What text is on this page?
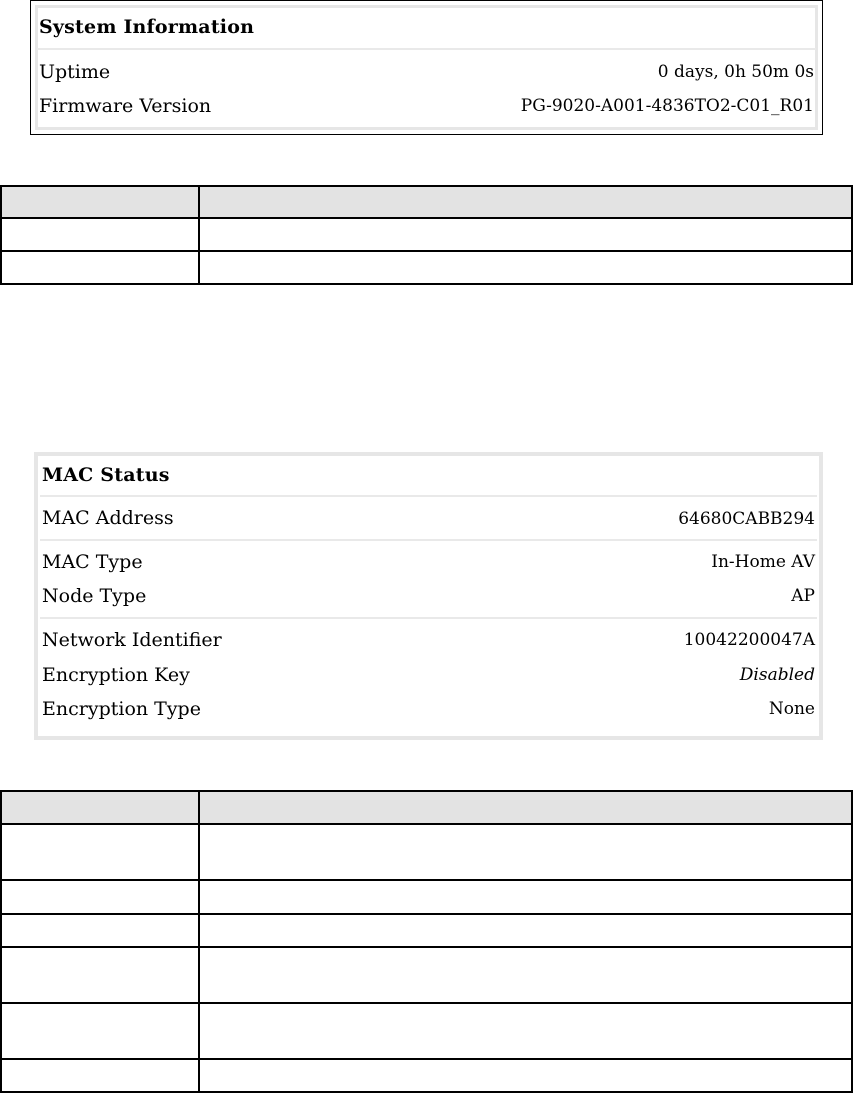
System Information
Uptime	0 days, 0h 50m 0s
Firmware Version	PG-9020-A001-4836TO2-C01_R01

MAC Status
MAC Address	64680CABB294
MAC Type	In-Home AV
Node Type	AP
Network Identifier	10042200047A
Encryption Key	Disabled
Encryption Type	None
